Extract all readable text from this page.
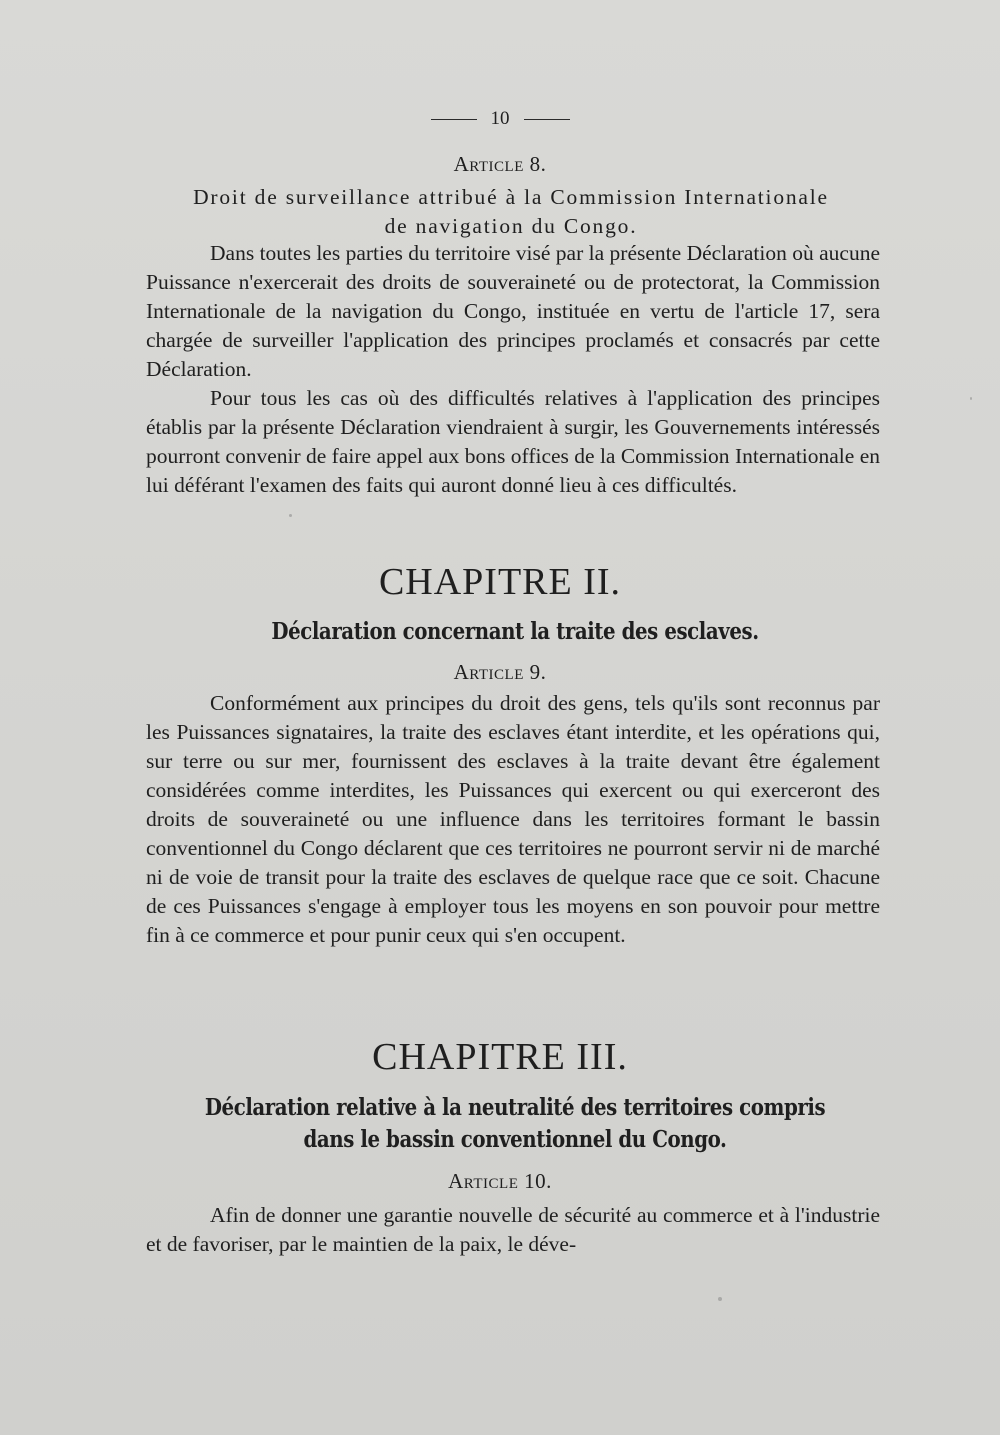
10
Article 8.
Droit de surveillance attribué à la Commission Internationale de navigation du Congo.

Dans toutes les parties du territoire visé par la présente Déclaration où aucune Puissance n'exercerait des droits de souveraineté ou de protectorat, la Commission Internationale de la navigation du Congo, instituée en vertu de l'article 17, sera chargée de surveiller l'application des principes proclamés et consacrés par cette Déclaration.

Pour tous les cas où des difficultés relatives à l'application des principes établis par la présente Déclaration viendraient à surgir, les Gouvernements intéressés pourront convenir de faire appel aux bons offices de la Commission Internationale en lui déférant l'examen des faits qui auront donné lieu à ces difficultés.

CHAPITRE II.
Déclaration concernant la traite des esclaves.
Article 9.

Conformément aux principes du droit des gens, tels qu'ils sont reconnus par les Puissances signataires, la traite des esclaves étant interdite, et les opérations qui, sur terre ou sur mer, fournissent des esclaves à la traite devant être également considérées comme interdites, les Puissances qui exercent ou qui exerceront des droits de souveraineté ou une influence dans les territoires formant le bassin conventionnel du Congo déclarent que ces territoires ne pourront servir ni de marché ni de voie de transit pour la traite des esclaves de quelque race que ce soit. Chacune de ces Puissances s'engage à employer tous les moyens en son pouvoir pour mettre fin à ce commerce et pour punir ceux qui s'en occupent.

CHAPITRE III.
Déclaration relative à la neutralité des territoires compris dans le bassin conventionnel du Congo.
Article 10.

Afin de donner une garantie nouvelle de sécurité au commerce et à l'industrie et de favoriser, par le maintien de la paix, le déve-
